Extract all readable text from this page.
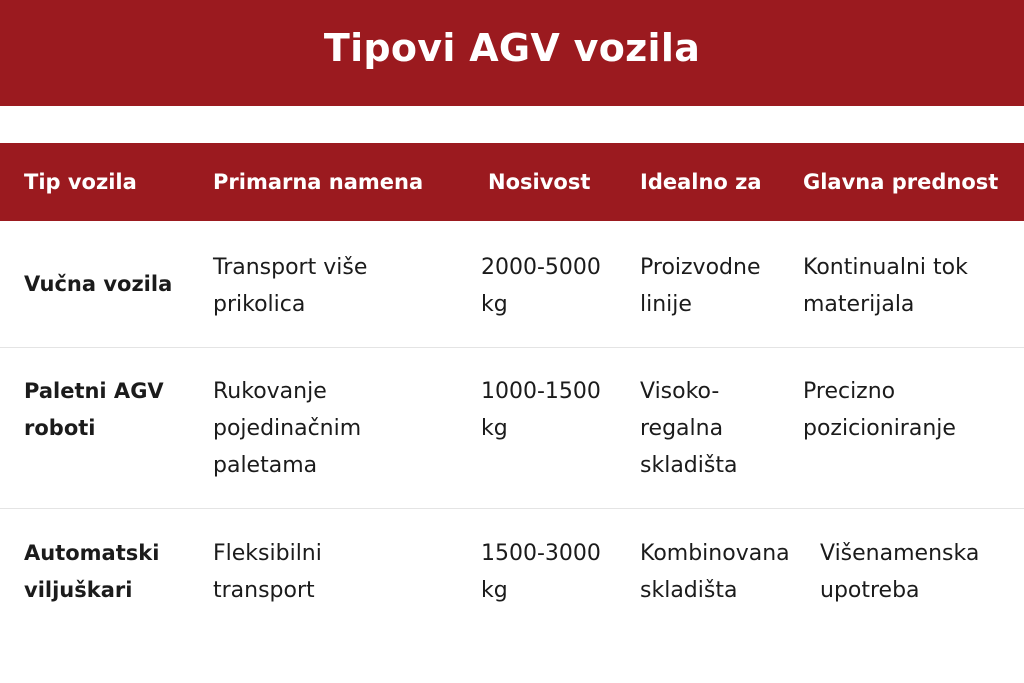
Tipovi AGV vozila
Tip vozila	Primarna namena	Nosivost Idealno za Glavna prednost
Vučna vozila
Transport više
prikolica
2000-5000
kg
Proizvodne
linije
Kontinualni tok
materijala
Paletni AGV
roboti
Rukovanje
pojedinačnim
paletama
1000-1500
kg
Visoko-
regalna
skladišta
Precizno
pozicioniranje
Automatski
viljuškari
Fleksibilni
transport
1500-3000
kg
Kombinovana
skladišta
Višenamenska
upotreba
